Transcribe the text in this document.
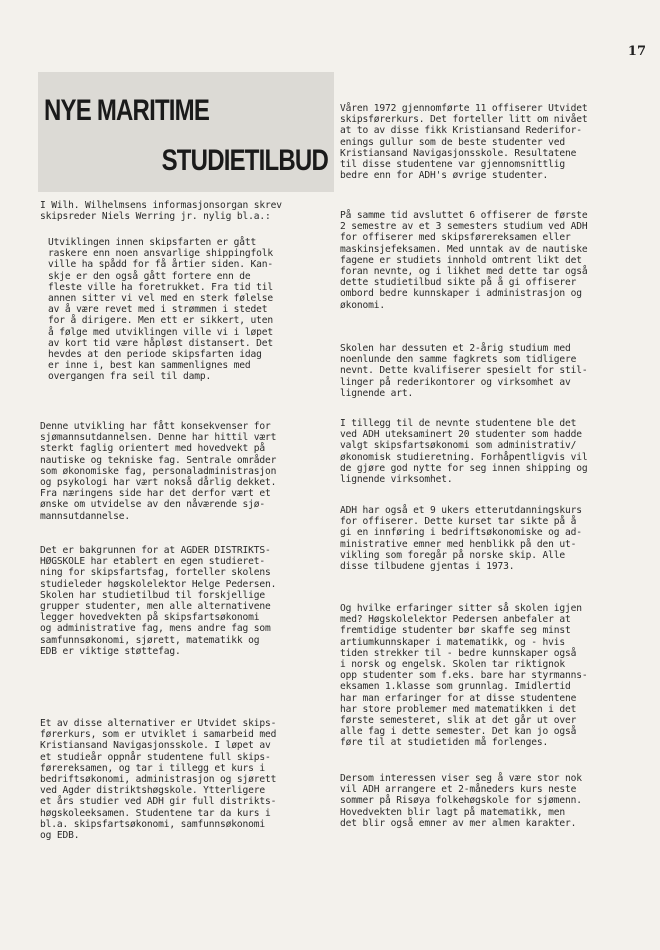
17
NYE MARITIME
STUDIETILBUD

I Wilh. Wilhelmsens informasjonsorgan skrev
skipsreder Niels Werring jr. nylig bl.a.:

Utviklingen innen skipsfarten er gått
raskere enn noen ansvarlige shippingfolk
ville ha spådd for få årtier siden. Kan-
skje er den også gått fortere enn de
fleste ville ha foretrukket. Fra tid til
annen sitter vi vel med en sterk følelse
av å være revet med i strømmen i stedet
for å dirigere. Men ett er sikkert, uten
å følge med utviklingen ville vi i løpet
av kort tid være håpløst distansert. Det
hevdes at den periode skipsfarten idag
er inne i, best kan sammenlignes med
overgangen fra seil til damp.

Denne utvikling har fått konsekvenser for
sjømannsutdannelsen. Denne har hittil vært
sterkt faglig orientert med hovedvekt på
nautiske og tekniske fag. Sentrale områder
som økonomiske fag, personaladministrasjon
og psykologi har vært nokså dårlig dekket.
Fra næringens side har det derfor vært et
ønske om utvidelse av den nåværende sjø-
mannsutdannelse.

Det er bakgrunnen for at AGDER DISTRIKTS-
HØGSKOLE har etablert en egen studieret-
ning for skipsfartsfag, forteller skolens
studieleder høgskolelektor Helge Pedersen.
Skolen har studietilbud til forskjellige
grupper studenter, men alle alternativene
legger hovedvekten på skipsfartsøkonomi
og administrative fag, mens andre fag som
samfunnsøkonomi, sjørett, matematikk og
EDB er viktige støttefag.

Et av disse alternativer er Utvidet skips-
førerkurs, som er utviklet i samarbeid med
Kristiansand Navigasjonsskole. I løpet av
et studieår oppnår studentene full skips-
førereksamen, og tar i tillegg et kurs i
bedriftsøkonomi, administrasjon og sjørett
ved Agder distriktshøgskole. Ytterligere
et års studier ved ADH gir full distrikts-
høgskoleeksamen. Studentene tar da kurs i
bl.a. skipsfartsøkonomi, samfunnsøkonomi
og EDB.

Våren 1972 gjennomførte 11 offiserer Utvidet
skipsførerkurs. Det forteller litt om nivået
at to av disse fikk Kristiansand Rederifor-
enings gullur som de beste studenter ved
Kristiansand Navigasjonsskole. Resultatene
til disse studentene var gjennomsnittlig
bedre enn for ADH's øvrige studenter.

På samme tid avsluttet 6 offiserer de første
2 semestre av et 3 semesters studium ved ADH
for offiserer med skipsførereksamen eller
maskinsjefeksamen. Med unntak av de nautiske
fagene er studiets innhold omtrent likt det
foran nevnte, og i likhet med dette tar også
dette studietilbud sikte på å gi offiserer
ombord bedre kunnskaper i administrasjon og
økonomi.

Skolen har dessuten et 2-årig studium med
noenlunde den samme fagkrets som tidligere
nevnt. Dette kvalifiserer spesielt for stil-
linger på rederikontorer og virksomhet av
lignende art.

I tillegg til de nevnte studentene ble det
ved ADH uteksaminert 20 studenter som hadde
valgt skipsfartsøkonomi som administrativ/
økonomisk studieretning. Forhåpentligvis vil
de gjøre god nytte for seg innen shipping og
lignende virksomhet.

ADH har også et 9 ukers etterutdanningskurs
for offiserer. Dette kurset tar sikte på å
gi en innføring i bedriftsøkonomiske og ad-
ministrative emner med henblikk på den ut-
vikling som foregår på norske skip. Alle
disse tilbudene gjentas i 1973.

Og hvilke erfaringer sitter så skolen igjen
med? Høgskolelektor Pedersen anbefaler at
fremtidige studenter bør skaffe seg minst
artiumkunnskaper i matematikk, og - hvis
tiden strekker til - bedre kunnskaper også
i norsk og engelsk. Skolen tar riktignok
opp studenter som f.eks. bare har styrmanns-
eksamen 1.klasse som grunnlag. Imidlertid
har man erfaringer for at disse studentene
har store problemer med matematikken i det
første semesteret, slik at det går ut over
alle fag i dette semester. Det kan jo også
føre til at studietiden må forlenges.

Dersom interessen viser seg å være stor nok
vil ADH arrangere et 2-måneders kurs neste
sommer på Risøya folkehøgskole for sjømenn.
Hovedvekten blir lagt på matematikk, men
det blir også emner av mer almen karakter.
